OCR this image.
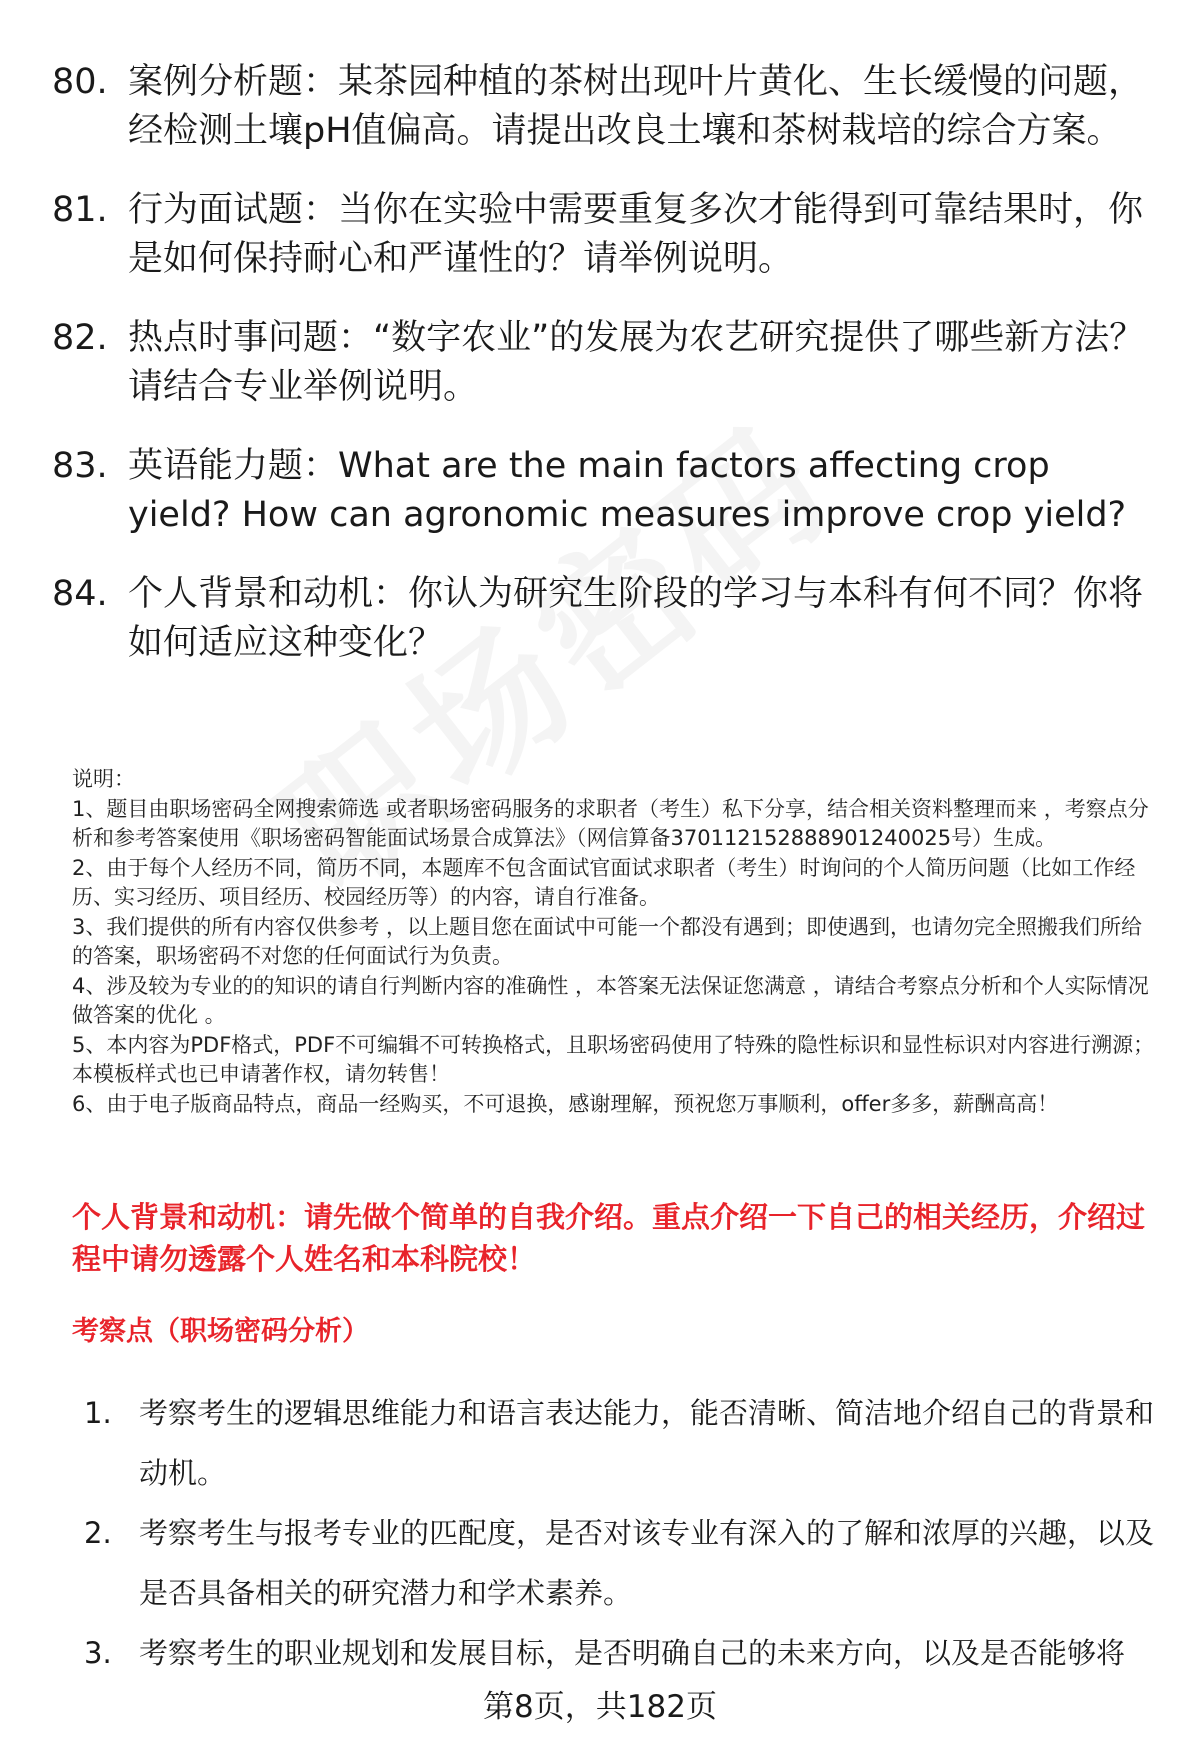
80. 案例分析题：某茶园种植的茶树出现叶片黄化、生长缓慢的问题，经检测土壤pH值偏高。请提出改良土壤和茶树栽培的综合方案。
81. 行为面试题：当你在实验中需要重复多次才能得到可靠结果时，你是如何保持耐心和严谨性的？请举例说明。
82. 热点时事问题：“数字农业”的发展为农艺研究提供了哪些新方法？请结合专业举例说明。
83. 英语能力题：What are the main factors affecting crop yield? How can agronomic measures improve crop yield?
84. 个人背景和动机：你认为研究生阶段的学习与本科有何不同？你将如何适应这种变化？

说明：

1、题目由职场密码全网搜索筛选 或者职场密码服务的求职者（考生）私下分享，结合相关资料整理而来 ，考察点分析和参考答案使用《职场密码智能面试场景合成算法》（网信算备370112152888901240025号）生成。

2、由于每个人经历不同，简历不同，本题库不包含面试官面试求职者（考生）时询问的个人简历问题（比如工作经历、实习经历、项目经历、校园经历等）的内容，请自行准备。

3、我们提供的所有内容仅供参考 ，以上题目您在面试中可能一个都没有遇到；即使遇到，也请勿完全照搬我们所给的答案，职场密码不对您的任何面试行为负责。

4、涉及较为专业的的知识的请自行判断内容的准确性 ，本答案无法保证您满意 ，请结合考察点分析和个人实际情况做答案的优化 。

5、本内容为PDF格式，PDF不可编辑不可转换格式，且职场密码使用了特殊的隐性标识和显性标识对内容进行溯源；本模板样式也已申请著作权，请勿转售！

6、由于电子版商品特点，商品一经购买，不可退换，感谢理解，预祝您万事顺利，offer多多，薪酬高高！

个人背景和动机：请先做个简单的自我介绍。重点介绍一下自己的相关经历，介绍过程中请勿透露个人姓名和本科院校！
考察点（职场密码分析）
1. 考察考生的逻辑思维能力和语言表达能力，能否清晰、简洁地介绍自己的背景和动机。
2. 考察考生与报考专业的匹配度，是否对该专业有深入的了解和浓厚的兴趣，以及是否具备相关的研究潜力和学术素养。
3. 考察考生的职业规划和发展目标，是否明确自己的未来方向，以及是否能够将
第8页，共182页
